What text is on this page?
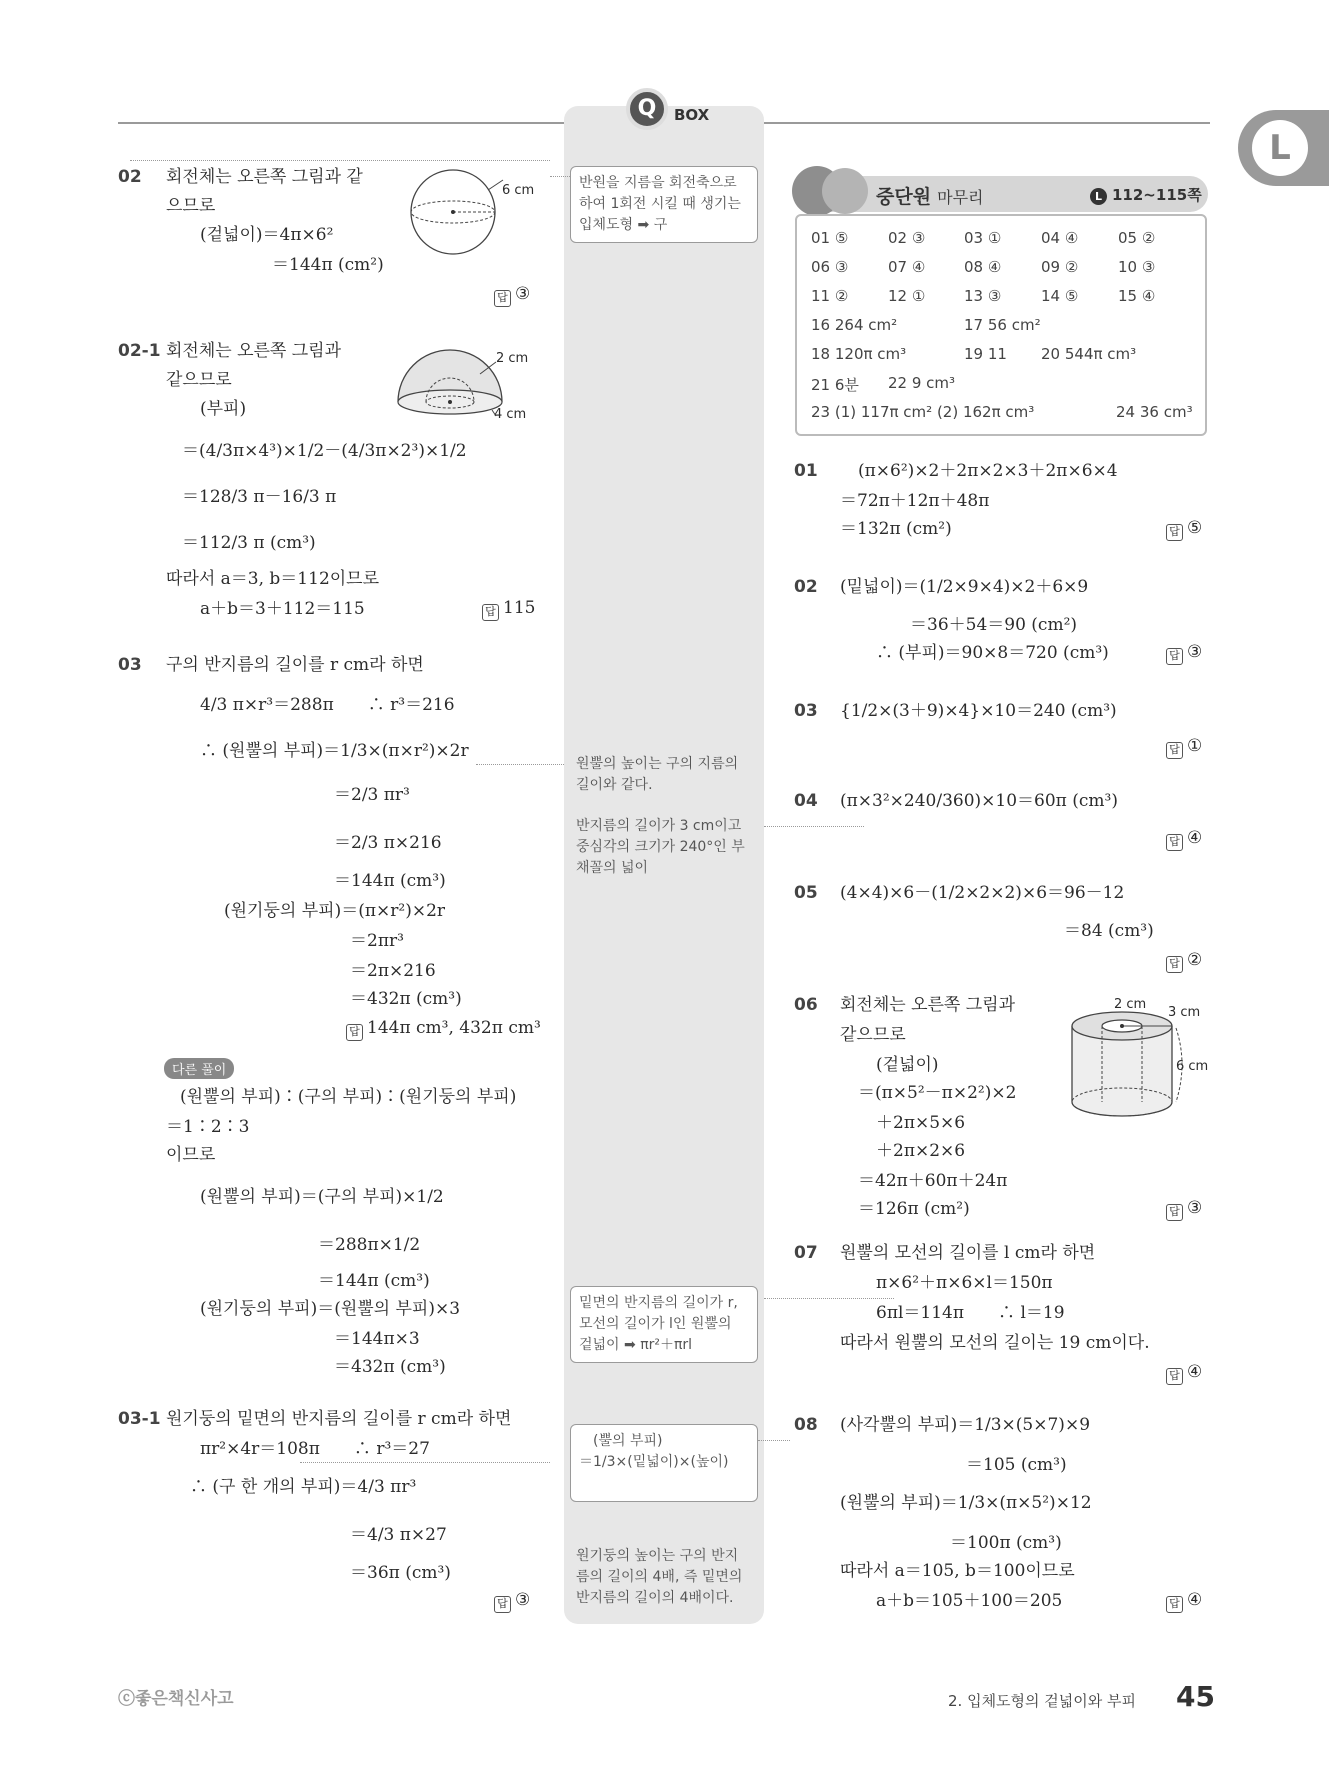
Q	BOX
L
02 회전체는 오른쪽 그림과 같
으므로
(겉넓이)＝4π×6²
＝144π (cm²)
6 cm
답 ③
02-1 회전체는 오른쪽 그림과
같으므로
(부피)
＝(4/3π×4³)×1/2－(4/3π×2³)×1/2
＝128/3 π－16/3 π
＝112/3 π (cm³)
따라서 a＝3, b＝112이므로
a＋b＝3＋112＝115
2 cm
4 cm
답 115
03 구의 반지름의 길이를 r cm라 하면
4/3 π×r³＝288π　　∴ r³＝216
∴ (원뿔의 부피)＝1/3×(π×r²)×2r
＝2/3 πr³
＝2/3 π×216
＝144π (cm³)
(원기둥의 부피)＝(π×r²)×2r
＝2πr³
＝2π×216
＝432π (cm³)
답 144π cm³, 432π cm³
다른 풀이
(원뿔의 부피)∶(구의 부피)∶(원기둥의 부피)
＝1∶2∶3
이므로
(원뿔의 부피)＝(구의 부피)×1/2
＝288π×1/2
＝144π (cm³)
(원기둥의 부피)＝(원뿔의 부피)×3
＝144π×3
＝432π (cm³)
03-1 원기둥의 밑면의 반지름의 길이를 r cm라 하면
πr²×4r＝108π　　∴ r³＝27
∴ (구 한 개의 부피)＝4/3 πr³
＝4/3 π×27
＝36π (cm³)
답 ③
반원을 지름을 회전축으로
하여 1회전 시킬 때 생기는
입체도형 ➡ 구
원뿔의 높이는 구의 지름의
길이와 같다.
반지름의 길이가 3 cm이고
중심각의 크기가 240°인 부
채꼴의 넓이
밑면의 반지름의 길이가 r,
모선의 길이가 l인 원뿔의
겉넓이 ➡ πr²＋πrl
(뿔의 부피)
＝1/3×(밑넓이)×(높이)
원기둥의 높이는 구의 반지
름의 길이의 4배, 즉 밑면의
반지름의 길이의 4배이다.
중단원 마무리	L 112~115쪽
01 ⑤	02 ③	03 ①	04 ④	05 ②
06 ③	07 ④	08 ④	09 ②	10 ③
11 ②	12 ①	13 ③	14 ⑤	15 ④
16 264 cm²	17 56 cm²
18 120π cm³	19 11 20 544π cm³
21 6분 22 9 cm³
23 (1) 117π cm² (2) 162π cm³	24 36 cm³
01 (π×6²)×2＋2π×2×3＋2π×6×4
＝72π＋12π＋48π
＝132π (cm²)	답 ⑤
02 (밑넓이)＝(1/2×9×4)×2＋6×9
＝36＋54＝90 (cm²)
∴ (부피)＝90×8＝720 (cm³)	답 ③
03 {1/2×(3＋9)×4}×10＝240 (cm³)
답 ①
04 (π×3²×240/360)×10＝60π (cm³)
답 ④
05 (4×4)×6－(1/2×2×2)×6＝96－12
＝84 (cm³)
답 ②
06 회전체는 오른쪽 그림과
같으므로
(겉넓이)
＝(π×5²－π×2²)×2
＋2π×5×6
＋2π×2×6
＝42π＋60π＋24π
＝126π (cm²)
2 cm
3 cm
6 cm
답 ③
07 원뿔의 모선의 길이를 l cm라 하면
π×6²＋π×6×l＝150π
6πl＝114π　　∴ l＝19
따라서 원뿔의 모선의 길이는 19 cm이다.
답 ④
08 (사각뿔의 부피)＝1/3×(5×7)×9
＝105 (cm³)
(원뿔의 부피)＝1/3×(π×5²)×12
＝100π (cm³)
따라서 a＝105, b＝100이므로
a＋b＝105＋100＝205	답 ④
ⓒ좋은책신사고	2. 입체도형의 겉넓이와 부피 45
